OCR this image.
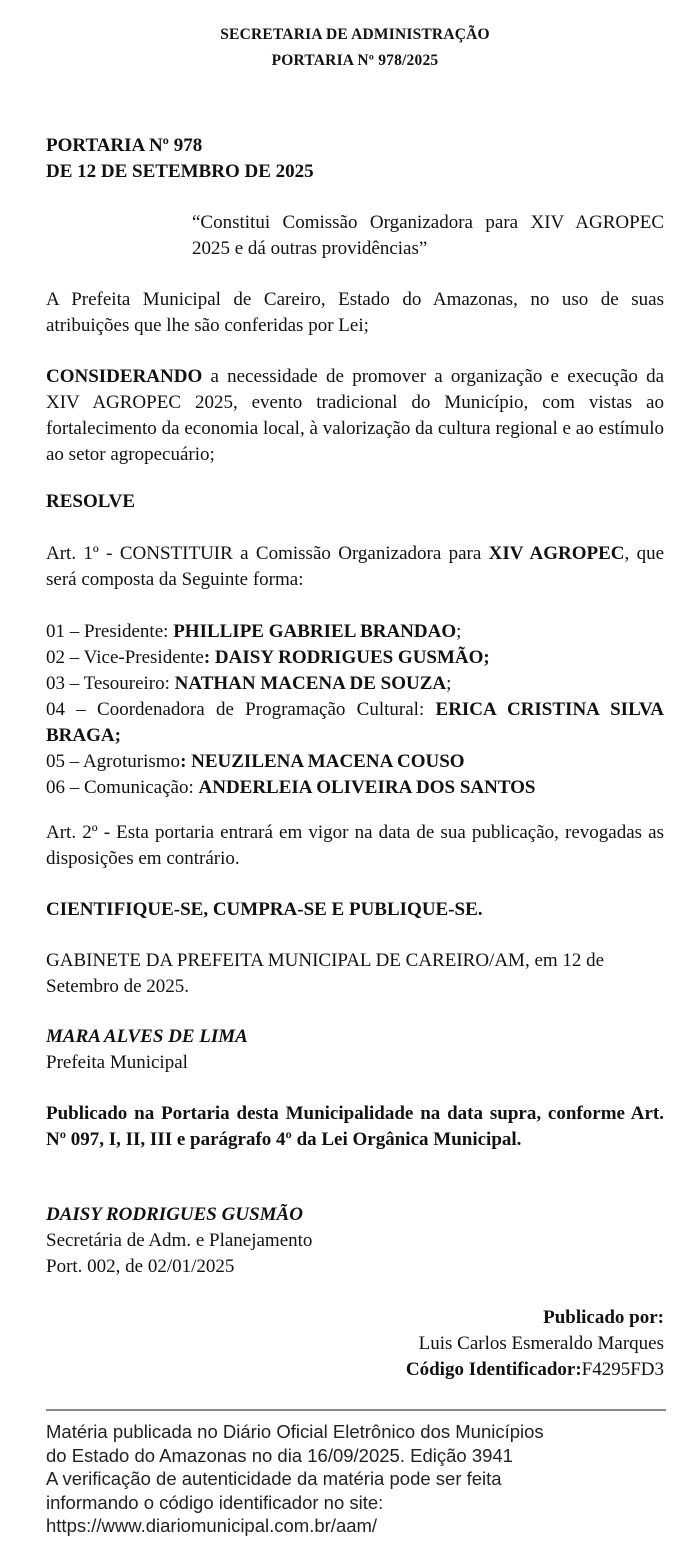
SECRETARIA DE ADMINISTRAÇÃO
PORTARIA Nº 978/2025
PORTARIA Nº 978
DE 12 DE SETEMBRO DE 2025
“Constitui Comissão Organizadora para XIV AGROPEC 2025 e dá outras providências”
A Prefeita Municipal de Careiro, Estado do Amazonas, no uso de suas atribuições que lhe são conferidas por Lei;
CONSIDERANDO a necessidade de promover a organização e execução da XIV AGROPEC 2025, evento tradicional do Município, com vistas ao fortalecimento da economia local, à valorização da cultura regional e ao estímulo ao setor agropecuário;
RESOLVE
Art. 1º - CONSTITUIR a Comissão Organizadora para XIV AGROPEC, que será composta da Seguinte forma:
01 – Presidente: PHILLIPE GABRIEL BRANDAO;
02 – Vice-Presidente: DAISY RODRIGUES GUSMÃO;
03 – Tesoureiro: NATHAN MACENA DE SOUZA;
04 – Coordenadora de Programação Cultural: ERICA CRISTINA SILVA BRAGA;
05 – Agroturismo: NEUZILENA MACENA COUSO
06 – Comunicação: ANDERLEIA OLIVEIRA DOS SANTOS
Art. 2º - Esta portaria entrará em vigor na data de sua publicação, revogadas as disposições em contrário.
CIENTIFIQUE-SE, CUMPRA-SE E PUBLIQUE-SE.
GABINETE DA PREFEITA MUNICIPAL DE CAREIRO/AM, em 12 de Setembro de 2025.
MARA ALVES DE LIMA
Prefeita Municipal
Publicado na Portaria desta Municipalidade na data supra, conforme Art. Nº 097, I, II, III e parágrafo 4º da Lei Orgânica Municipal.
DAISY RODRIGUES GUSMÃO
Secretária de Adm. e Planejamento
Port. 002, de 02/01/2025
Publicado por:
Luis Carlos Esmeraldo Marques
Código Identificador:F4295FD3
Matéria publicada no Diário Oficial Eletrônico dos Municípios
do Estado do Amazonas no dia 16/09/2025. Edição 3941
A verificação de autenticidade da matéria pode ser feita
informando o código identificador no site:
https://www.diariomunicipal.com.br/aam/
